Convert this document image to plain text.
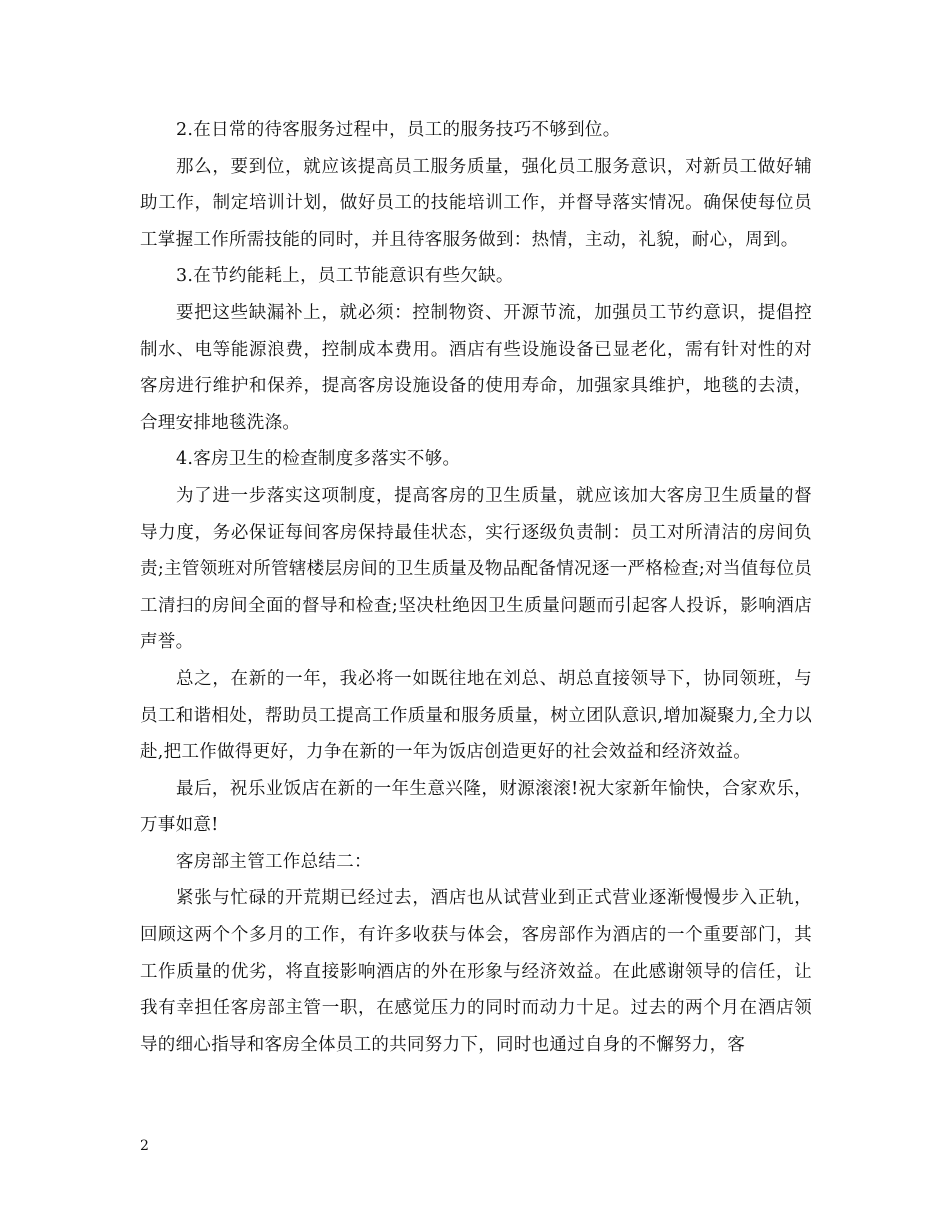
2.在日常的待客服务过程中，员工的服务技巧不够到位。

那么，要到位，就应该提高员工服务质量，强化员工服务意识，对新员工做好辅助工作，制定培训计划，做好员工的技能培训工作，并督导落实情况。确保使每位员工掌握工作所需技能的同时，并且待客服务做到：热情，主动，礼貌，耐心，周到。

3.在节约能耗上，员工节能意识有些欠缺。

要把这些缺漏补上，就必须：控制物资、开源节流，加强员工节约意识，提倡控制水、电等能源浪费，控制成本费用。酒店有些设施设备已显老化，需有针对性的对客房进行维护和保养，提高客房设施设备的使用寿命，加强家具维护，地毯的去渍，合理安排地毯洗涤。

4.客房卫生的检查制度多落实不够。

为了进一步落实这项制度，提高客房的卫生质量，就应该加大客房卫生质量的督导力度，务必保证每间客房保持最佳状态，实行逐级负责制：员工对所清洁的房间负责;主管领班对所管辖楼层房间的卫生质量及物品配备情况逐一严格检查;对当值每位员工清扫的房间全面的督导和检查;坚决杜绝因卫生质量问题而引起客人投诉，影响酒店声誉。

总之，在新的一年，我必将一如既往地在刘总、胡总直接领导下，协同领班，与员工和谐相处，帮助员工提高工作质量和服务质量，树立团队意识,增加凝聚力,全力以赴,把工作做得更好，力争在新的一年为饭店创造更好的社会效益和经济效益。

最后，祝乐业饭店在新的一年生意兴隆，财源滚滚!祝大家新年愉快，合家欢乐，万事如意!

客房部主管工作总结二：

紧张与忙碌的开荒期已经过去，酒店也从试营业到正式营业逐渐慢慢步入正轨，回顾这两个个多月的工作，有许多收获与体会，客房部作为酒店的一个重要部门，其工作质量的优劣，将直接影响酒店的外在形象与经济效益。在此感谢领导的信任，让我有幸担任客房部主管一职，在感觉压力的同时而动力十足。过去的两个月在酒店领导的细心指导和客房全体员工的共同努力下，同时也通过自身的不懈努力，客

2
